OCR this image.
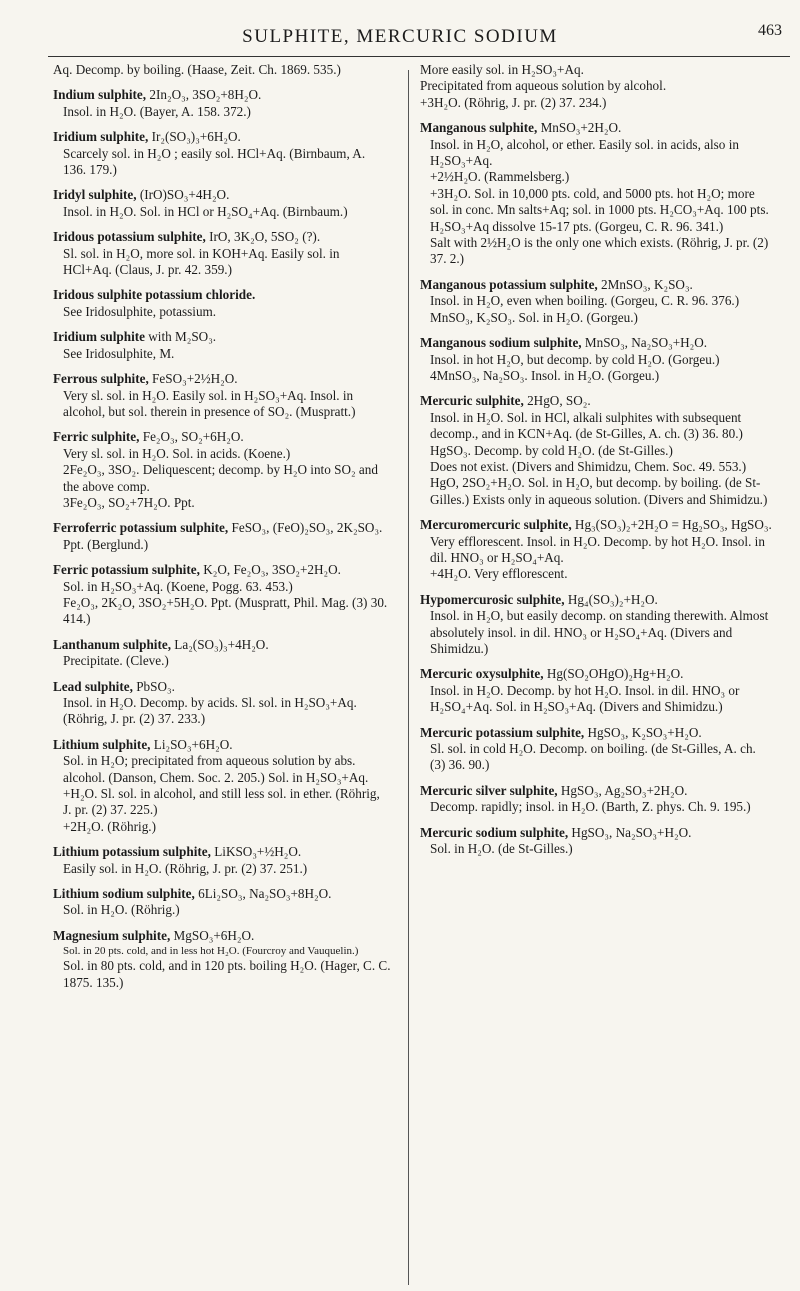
SULPHITE, MERCURIC SODIUM	463

Aq. Decomp. by boiling. (Haase, Zeit. Ch. 1869. 535.)

Indium sulphite, 2In₂O₃, 3SO₂+8H₂O.

Insol. in H₂O. (Bayer, A. 158. 372.)

Iridium sulphite, Ir₂(SO₃)₃+6H₂O.

Scarcely sol. in H₂O ; easily sol. HCl+Aq. (Birnbaum, A. 136. 179.)

Iridyl sulphite, (IrO)SO₃+4H₂O.

Insol. in H₂O. Sol. in HCl or H₂SO₄+Aq. (Birnbaum.)

Iridous potassium sulphite, IrO, 3K₂O, 5SO₂ (?).

Sl. sol. in H₂O, more sol. in KOH+Aq. Easily sol. in HCl+Aq. (Claus, J. pr. 42. 359.)

Iridous sulphite potassium chloride.

See Iridosulphite, potassium.

Iridium sulphite with M₂SO₃.

See Iridosulphite, M.

Ferrous sulphite, FeSO₃+2½H₂O.

Very sl. sol. in H₂O. Easily sol. in H₂SO₃+Aq. Insol. in alcohol, but sol. therein in presence of SO₂. (Muspratt.)

Ferric sulphite, Fe₂O₃, SO₂+6H₂O.

Very sl. sol. in H₂O. Sol. in acids. (Koene.)

2Fe₂O₃, 3SO₂. Deliquescent; decomp. by H₂O into SO₂ and the above comp.

3Fe₂O₃, SO₂+7H₂O. Ppt.

Ferroferric potassium sulphite, FeSO₃, (FeO)₂SO₃, 2K₂SO₃.

Ppt. (Berglund.)

Ferric potassium sulphite, K₂O, Fe₂O₃, 3SO₂+2H₂O.

Sol. in H₂SO₃+Aq. (Koene, Pogg. 63. 453.)

Fe₂O₃, 2K₂O, 3SO₂+5H₂O. Ppt. (Muspratt, Phil. Mag. (3) 30. 414.)

Lanthanum sulphite, La₂(SO₃)₃+4H₂O.

Precipitate. (Cleve.)

Lead sulphite, PbSO₃.

Insol. in H₂O. Decomp. by acids. Sl. sol. in H₂SO₃+Aq. (Röhrig, J. pr. (2) 37. 233.)

Lithium sulphite, Li₂SO₃+6H₂O.

Sol. in H₂O; precipitated from aqueous solution by abs. alcohol. (Danson, Chem. Soc. 2. 205.) Sol. in H₂SO₃+Aq.

+H₂O. Sl. sol. in alcohol, and still less sol. in ether. (Röhrig, J. pr. (2) 37. 225.)

+2H₂O. (Röhrig.)

Lithium potassium sulphite, LiKSO₃+½H₂O.

Easily sol. in H₂O. (Röhrig, J. pr. (2) 37. 251.)

Lithium sodium sulphite, 6Li₂SO₃, Na₂SO₃+8H₂O.

Sol. in H₂O. (Röhrig.)

Magnesium sulphite, MgSO₃+6H₂O.

Sol. in 20 pts. cold, and in less hot H₂O. (Fourcroy and Vauquelin.)

Sol. in 80 pts. cold, and in 120 pts. boiling H₂O. (Hager, C. C. 1875. 135.)

More easily sol. in H₂SO₃+Aq.

Precipitated from aqueous solution by alcohol.

+3H₂O. (Röhrig, J. pr. (2) 37. 234.)

Manganous sulphite, MnSO₃+2H₂O.

Insol. in H₂O, alcohol, or ether. Easily sol. in acids, also in H₂SO₃+Aq.

+2½H₂O. (Rammelsberg.)

+3H₂O. Sol. in 10,000 pts. cold, and 5000 pts. hot H₂O; more sol. in conc. Mn salts+Aq; sol. in 1000 pts. H₂CO₃+Aq. 100 pts. H₂SO₃+Aq dissolve 15-17 pts. (Gorgeu, C. R. 96. 341.)

Salt with 2½H₂O is the only one which exists. (Röhrig, J. pr. (2) 37. 2.)

Manganous potassium sulphite, 2MnSO₃, K₂SO₃.

Insol. in H₂O, even when boiling. (Gorgeu, C. R. 96. 376.)

MnSO₃, K₂SO₃. Sol. in H₂O. (Gorgeu.)

Manganous sodium sulphite, MnSO₃, Na₂SO₃+H₂O.

Insol. in hot H₂O, but decomp. by cold H₂O. (Gorgeu.)

4MnSO₃, Na₂SO₃. Insol. in H₂O. (Gorgeu.)

Mercuric sulphite, 2HgO, SO₂.

Insol. in H₂O. Sol. in HCl, alkali sulphites with subsequent decomp., and in KCN+Aq. (de St-Gilles, A. ch. (3) 36. 80.)

HgSO₃. Decomp. by cold H₂O. (de St-Gilles.)

Does not exist. (Divers and Shimidzu, Chem. Soc. 49. 553.)

HgO, 2SO₂+H₂O. Sol. in H₂O, but decomp. by boiling. (de St-Gilles.) Exists only in aqueous solution. (Divers and Shimidzu.)

Mercuromercuric sulphite, Hg₃(SO₃)₂+2H₂O = Hg₂SO₃, HgSO₃.

Very efflorescent. Insol. in H₂O. Decomp. by hot H₂O. Insol. in dil. HNO₃ or H₂SO₄+Aq.

+4H₂O. Very efflorescent.

Hypomercurosic sulphite, Hg₄(SO₃)₂+H₂O.

Insol. in H₂O, but easily decomp. on standing therewith. Almost absolutely insol. in dil. HNO₃ or H₂SO₄+Aq. (Divers and Shimidzu.)

Mercuric oxysulphite, Hg(SO₂OHgO)₂Hg+H₂O.

Insol. in H₂O. Decomp. by hot H₂O. Insol. in dil. HNO₃ or H₂SO₄+Aq. Sol. in H₂SO₃+Aq. (Divers and Shimidzu.)

Mercuric potassium sulphite, HgSO₃, K₂SO₃+H₂O.

Sl. sol. in cold H₂O. Decomp. on boiling. (de St-Gilles, A. ch. (3) 36. 90.)

Mercuric silver sulphite, HgSO₃, Ag₂SO₃+2H₂O.

Decomp. rapidly; insol. in H₂O. (Barth, Z. phys. Ch. 9. 195.)

Mercuric sodium sulphite, HgSO₃, Na₂SO₃+H₂O.

Sol. in H₂O. (de St-Gilles.)
